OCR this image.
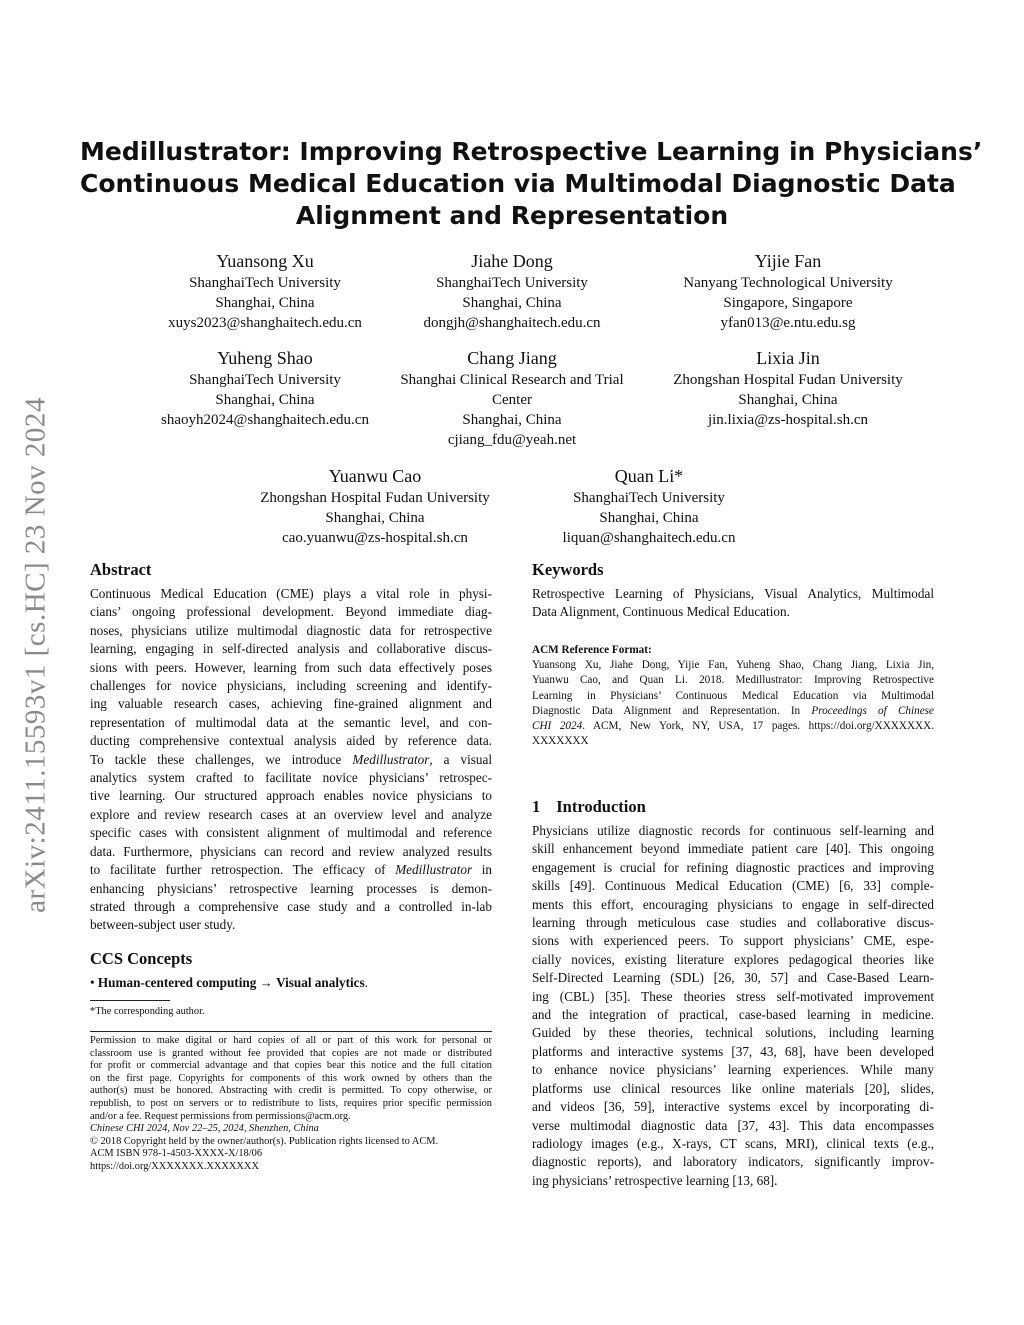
arXiv:2411.15593v1 [cs.HC] 23 Nov 2024
Medillustrator: Improving Retrospective Learning in Physicians’
Continuous Medical Education via Multimodal Diagnostic Data
Alignment and Representation
Yuansong Xu
ShanghaiTech University
Shanghai, China
xuys2023@shanghaitech.edu.cn
Jiahe Dong
ShanghaiTech University
Shanghai, China
dongjh@shanghaitech.edu.cn
Yijie Fan
Nanyang Technological University
Singapore, Singapore
yfan013@e.ntu.edu.sg
Yuheng Shao
ShanghaiTech University
Shanghai, China
shaoyh2024@shanghaitech.edu.cn
Chang Jiang
Shanghai Clinical Research and Trial
Center
Shanghai, China
cjiang_fdu@yeah.net
Lixia Jin
Zhongshan Hospital Fudan University
Shanghai, China
jin.lixia@zs-hospital.sh.cn
Yuanwu Cao
Zhongshan Hospital Fudan University
Shanghai, China
cao.yuanwu@zs-hospital.sh.cn
Quan Li*
ShanghaiTech University
Shanghai, China
liquan@shanghaitech.edu.cn
Abstract
Continuous Medical Education (CME) plays a vital role in physi-
cians’ ongoing professional development. Beyond immediate diag-
noses, physicians utilize multimodal diagnostic data for retrospective
learning, engaging in self-directed analysis and collaborative discus-
sions with peers. However, learning from such data effectively poses
challenges for novice physicians, including screening and identify-
ing valuable research cases, achieving fine-grained alignment and
representation of multimodal data at the semantic level, and con-
ducting comprehensive contextual analysis aided by reference data.
To tackle these challenges, we introduce Medillustrator, a visual
analytics system crafted to facilitate novice physicians’ retrospec-
tive learning. Our structured approach enables novice physicians to
explore and review research cases at an overview level and analyze
specific cases with consistent alignment of multimodal and reference
data. Furthermore, physicians can record and review analyzed results
to facilitate further retrospection. The efficacy of Medillustrator in
enhancing physicians’ retrospective learning processes is demon-
strated through a comprehensive case study and a controlled in-lab
between-subject user study.
CCS Concepts
• Human-centered computing → Visual analytics.
*The corresponding author.
Permission to make digital or hard copies of all or part of this work for personal or
classroom use is granted without fee provided that copies are not made or distributed
for profit or commercial advantage and that copies bear this notice and the full citation
on the first page. Copyrights for components of this work owned by others than the
author(s) must be honored. Abstracting with credit is permitted. To copy otherwise, or
republish, to post on servers or to redistribute to lists, requires prior specific permission
and/or a fee. Request permissions from permissions@acm.org.
Chinese CHI 2024, Nov 22–25, 2024, Shenzhen, China
© 2018 Copyright held by the owner/author(s). Publication rights licensed to ACM.
ACM ISBN 978-1-4503-XXXX-X/18/06
https://doi.org/XXXXXXX.XXXXXXX
Keywords
Retrospective Learning of Physicians, Visual Analytics, Multimodal
Data Alignment, Continuous Medical Education.
ACM Reference Format:
Yuansong Xu, Jiahe Dong, Yijie Fan, Yuheng Shao, Chang Jiang, Lixia Jin,
Yuanwu Cao, and Quan Li. 2018. Medillustrator: Improving Retrospective
Learning in Physicians’ Continuous Medical Education via Multimodal
Diagnostic Data Alignment and Representation. In Proceedings of Chinese
CHI 2024. ACM, New York, NY, USA, 17 pages. https://doi.org/XXXXXXX.
XXXXXXX
1 Introduction
Physicians utilize diagnostic records for continuous self-learning and
skill enhancement beyond immediate patient care [40]. This ongoing
engagement is crucial for refining diagnostic practices and improving
skills [49]. Continuous Medical Education (CME) [6, 33] comple-
ments this effort, encouraging physicians to engage in self-directed
learning through meticulous case studies and collaborative discus-
sions with experienced peers. To support physicians’ CME, espe-
cially novices, existing literature explores pedagogical theories like
Self-Directed Learning (SDL) [26, 30, 57] and Case-Based Learn-
ing (CBL) [35]. These theories stress self-motivated improvement
and the integration of practical, case-based learning in medicine.
Guided by these theories, technical solutions, including learning
platforms and interactive systems [37, 43, 68], have been developed
to enhance novice physicians’ learning experiences. While many
platforms use clinical resources like online materials [20], slides,
and videos [36, 59], interactive systems excel by incorporating di-
verse multimodal diagnostic data [37, 43]. This data encompasses
radiology images (e.g., X-rays, CT scans, MRI), clinical texts (e.g.,
diagnostic reports), and laboratory indicators, significantly improv-
ing physicians’ retrospective learning [13, 68].
